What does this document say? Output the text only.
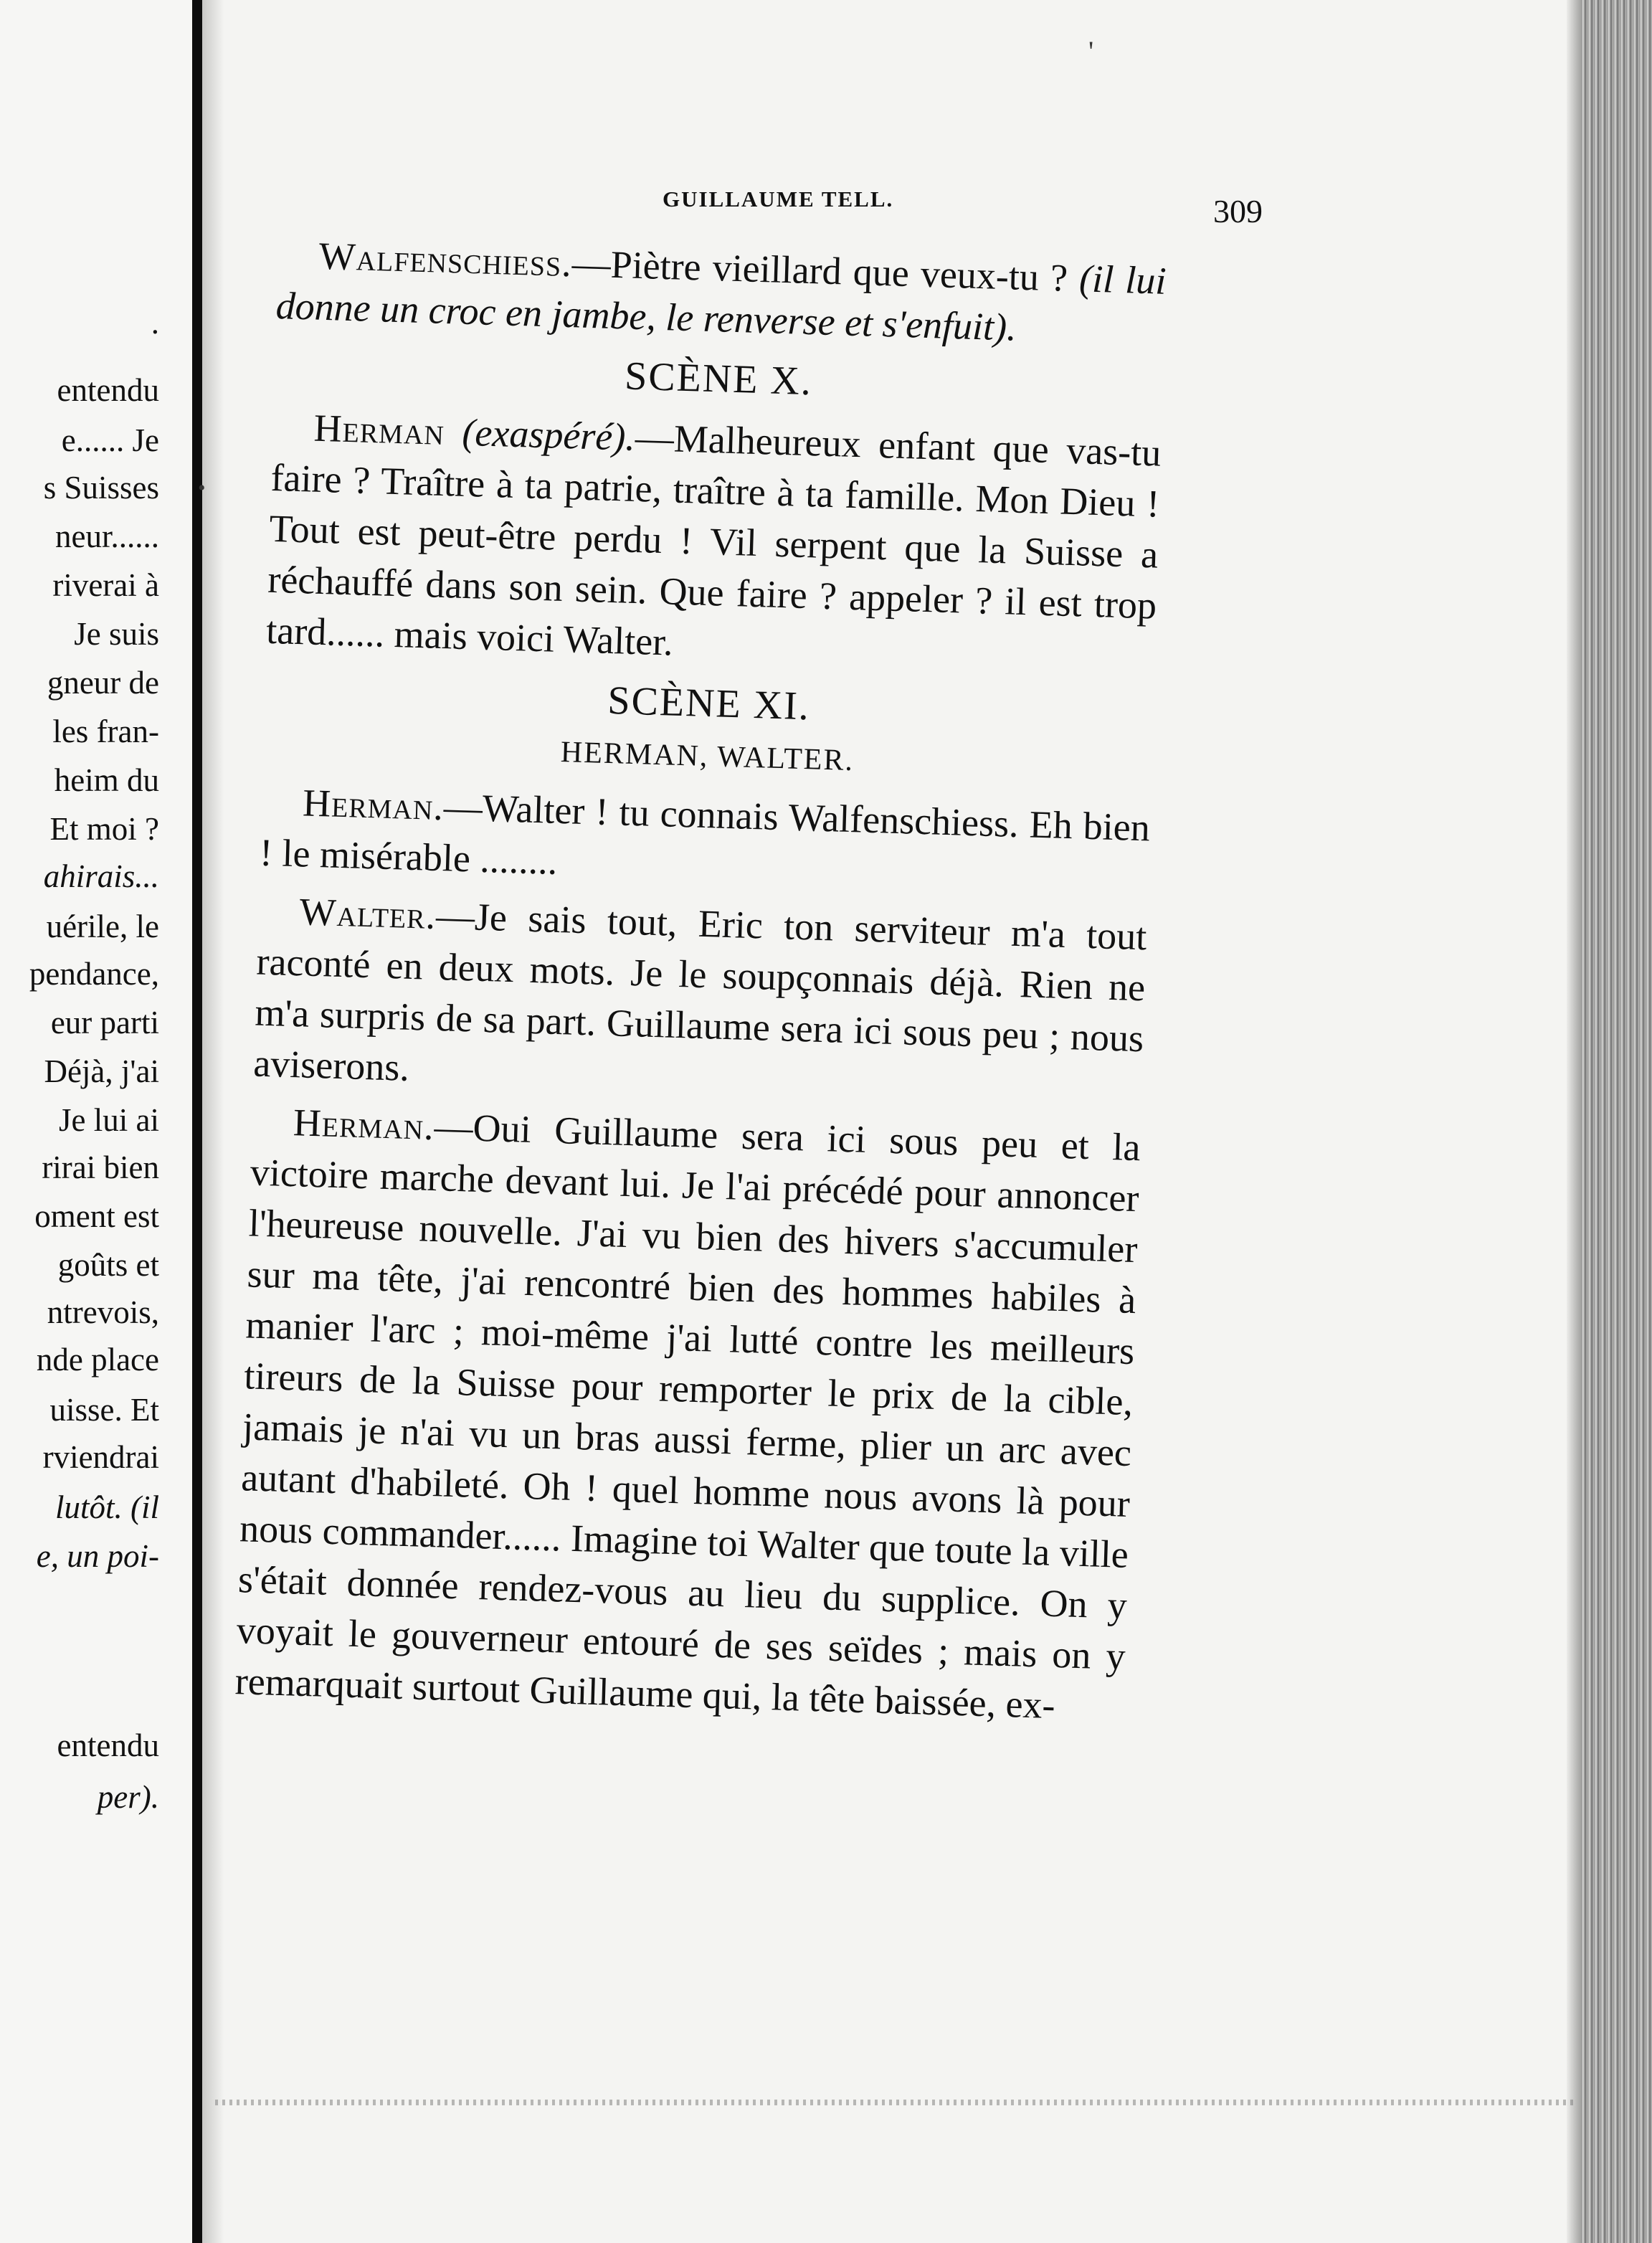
.
entendu
e...... Je
s Suisses
neur......
riverai à
Je suis
gneur de
les fran-
heim du
Et moi ?
ahirais...
uérile, le
pendance,
eur parti
Déjà, j'ai
Je lui ai
rirai bien
oment est
goûts et
ntrevois,
nde place
uisse. Et
rviendrai
lutôt. (il
e, un poi-
entendu
per).
•
'
GUILLAUME TELL.	309

Walfenschiess.—Piètre vieillard que veux-tu ? (il lui donne un croc en jambe, le renverse et s'enfuit).

SCÈNE X.

Herman (exaspéré).—Malheureux enfant que vas-tu faire ? Traître à ta patrie, traître à ta famille. Mon Dieu ! Tout est peut-être perdu ! Vil serpent que la Suisse a réchauffé dans son sein. Que faire ? appeler ? il est trop tard...... mais voici Walter.

SCÈNE XI.
HERMAN, WALTER.

Herman.—Walter ! tu connais Walfenschiess. Eh bien ! le misérable ........

Walter.—Je sais tout, Eric ton serviteur m'a tout raconté en deux mots. Je le soupçonnais déjà. Rien ne m'a surpris de sa part. Guillaume sera ici sous peu ; nous aviserons.

Herman.—Oui Guillaume sera ici sous peu et la victoire marche devant lui. Je l'ai précédé pour annoncer l'heureuse nouvelle. J'ai vu bien des hivers s'accumuler sur ma tête, j'ai rencontré bien des hommes habiles à manier l'arc ; moi-même j'ai lutté contre les meilleurs tireurs de la Suisse pour remporter le prix de la cible, jamais je n'ai vu un bras aussi ferme, plier un arc avec autant d'habileté. Oh ! quel homme nous avons là pour nous commander...... Imagine toi Walter que toute la ville s'était donnée rendez-vous au lieu du supplice. On y voyait le gouverneur entouré de ses seïdes ; mais on y remarquait surtout Guillaume qui, la tête baissée, ex-
